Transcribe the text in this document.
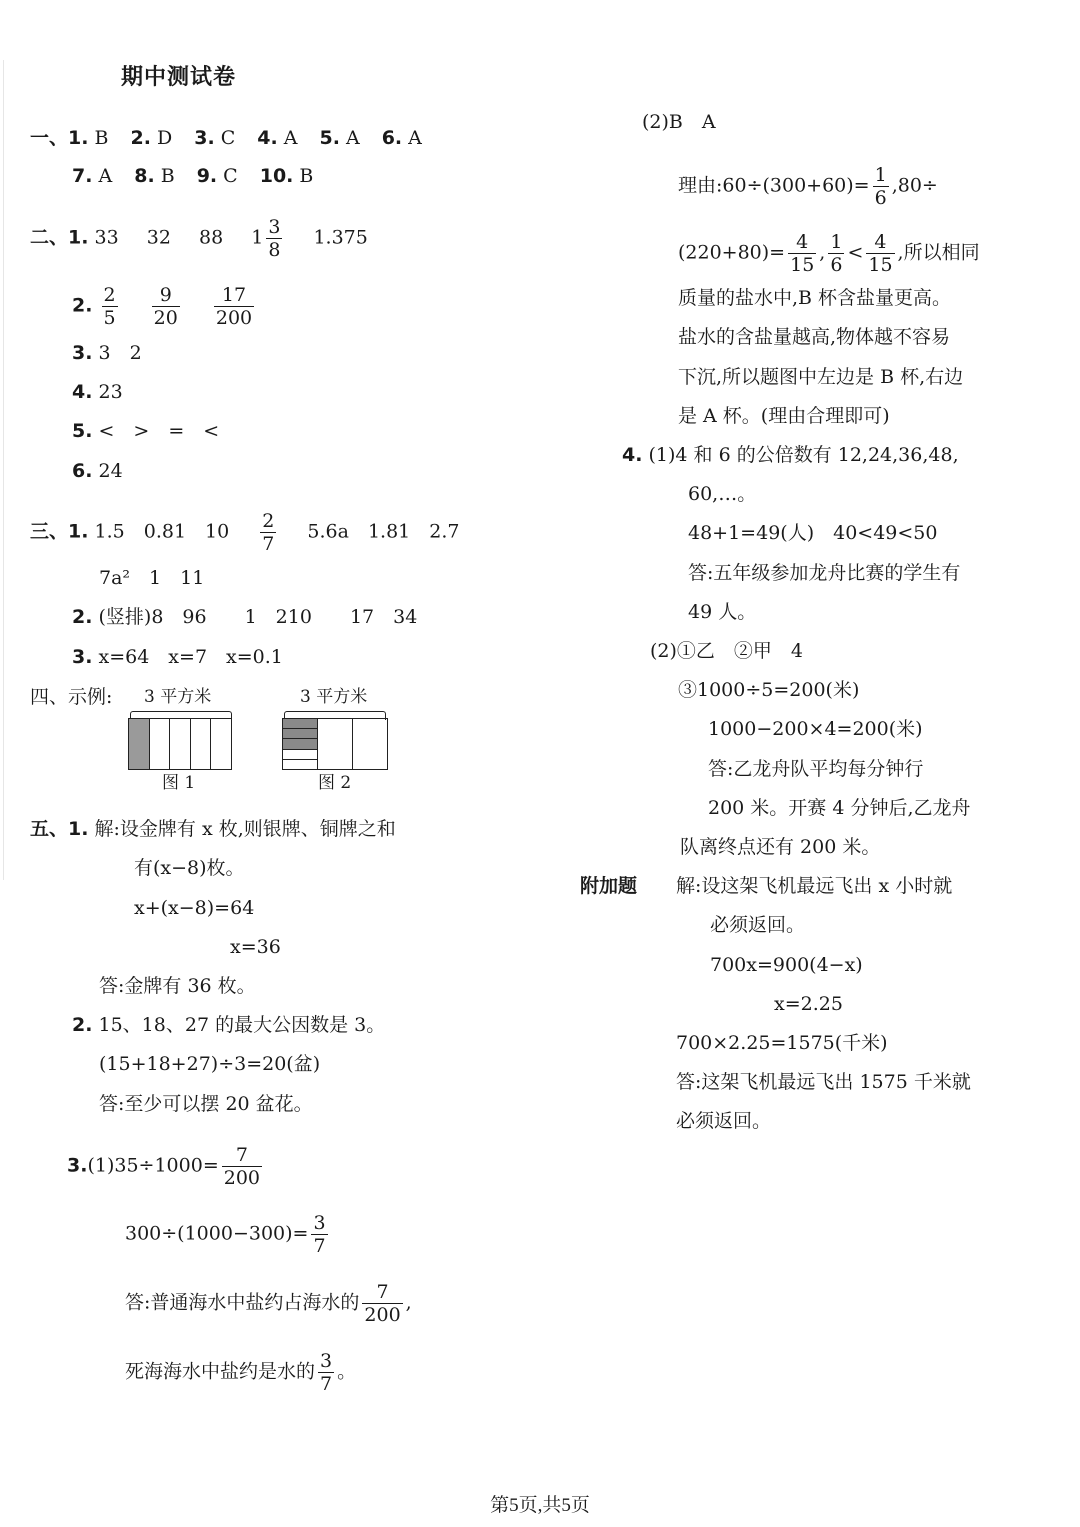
期中测试卷
一、1. B 2. D 3. C 4. A 5. A 6. A
7. A 8. B 9. C 10. B
二、1. 33 32 88 $1 \frac{3}{8} 1.375$
2. $\frac{2}{5}$
$\frac{9}{20}$
$\frac{17}{200}$
3. 3　2
4. 23
5. <　>　=　<
6. 24
三、1. 1.5　0.81　$10 \frac{2}{7} 5.6a$　1.81　2.7
7a²　1　11
2. (竖排)8　96　　1　210　　17　34
3. x=64　x=7　x=0.1
四、示例: 3 平方米
图 1
3 平方米
图 2
五、1. 解:设金牌有 x 枚,则银牌、铜牌之和
有(x−8)枚。
x+(x−8)=64
x=36
答:金牌有 36 枚。
2. 15、18、27 的最大公因数是 3。
(15+18+27)÷3=20(盆)
答:至少可以摆 20 盆花。
$3.(1)35\div 1000= \frac{7}{200}$
$300\div(1000-300)= \frac{3}{7}$
答:普通海水中盐约占海水的 $\frac{7}{200}$ ,
死海海水中盐约是水的 $\frac{3}{7}$ 。
(2)B　A
理由:60÷(300+60)= $\frac{1}{6} ,80\div$
$(220+80)= \frac{4}{15}$ , $\frac{1}{6} < \frac{4}{15}$ ,所以相同
质量的盐水中,B 杯含盐量更高。
盐水的含盐量越高,物体越不容易
下沉,所以题图中左边是 B 杯,右边
是 A 杯。(理由合理即可)
4. (1)4 和 6 的公倍数有 12,24,36,48,
60,…。
48+1=49(人)　40<49<50
答:五年级参加龙舟比赛的学生有
49 人。
(2)①乙　②甲　4
③1000÷5=200(米)
1000−200×4=200(米)
答:乙龙舟队平均每分钟行
200 米。开赛 4 分钟后,乙龙舟
队离终点还有 200 米。
附加题 解:设这架飞机最远飞出 x 小时就
必须返回。
700x=900(4−x)
x=2.25
700×2.25=1575(千米)
答:这架飞机最远飞出 1575 千米就
必须返回。
第5页,共5页
